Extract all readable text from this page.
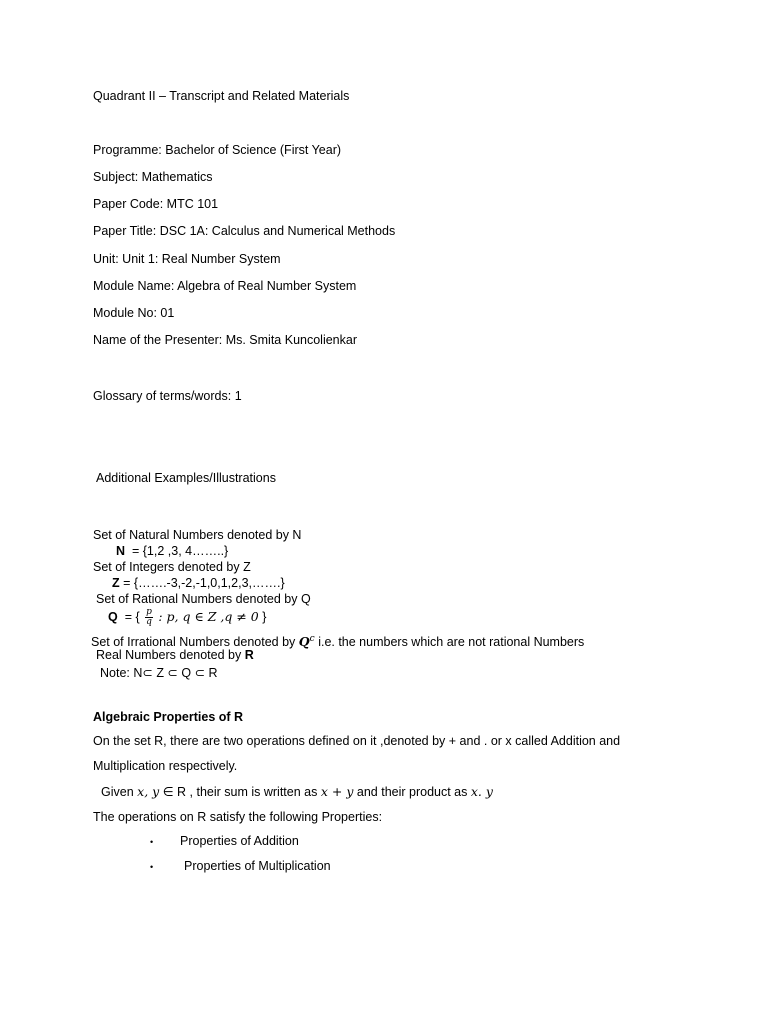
Quadrant II – Transcript and Related Materials
Programme: Bachelor of Science (First Year)
Subject: Mathematics
Paper Code: MTC 101
Paper Title: DSC 1A: Calculus and Numerical Methods
Unit: Unit 1: Real Number System
Module Name: Algebra of Real Number System
Module No: 01
Name of the Presenter: Ms. Smita Kuncolienkar
Glossary of terms/words: 1
Additional Examples/Illustrations
Set of Natural Numbers denoted by N
N = {1,2 ,3, 4……..}
Set of Integers denoted by Z
Z = {…….-3,-2,-1,0,1,2,3,…….}
Set of Rational Numbers denoted by Q
Q = { $\frac{p}{q}$ : p, q ∈ Z ,q ≠ 0 }
Set of Irrational Numbers denoted by $Q^c$ i.e. the numbers which are not rational Numbers
Real Numbers denoted by R
Note: N⊂ Z ⊂ Q ⊂ R
Algebraic Properties of R
On the set R, there are two operations defined on it ,denoted by + and . or x called Addition and
Multiplication respectively.
Given x, y ∈ R , their sum is written as x + y and their product as x. y
The operations on R satisfy the following Properties:
• Properties of Addition
• Properties of Multiplication
